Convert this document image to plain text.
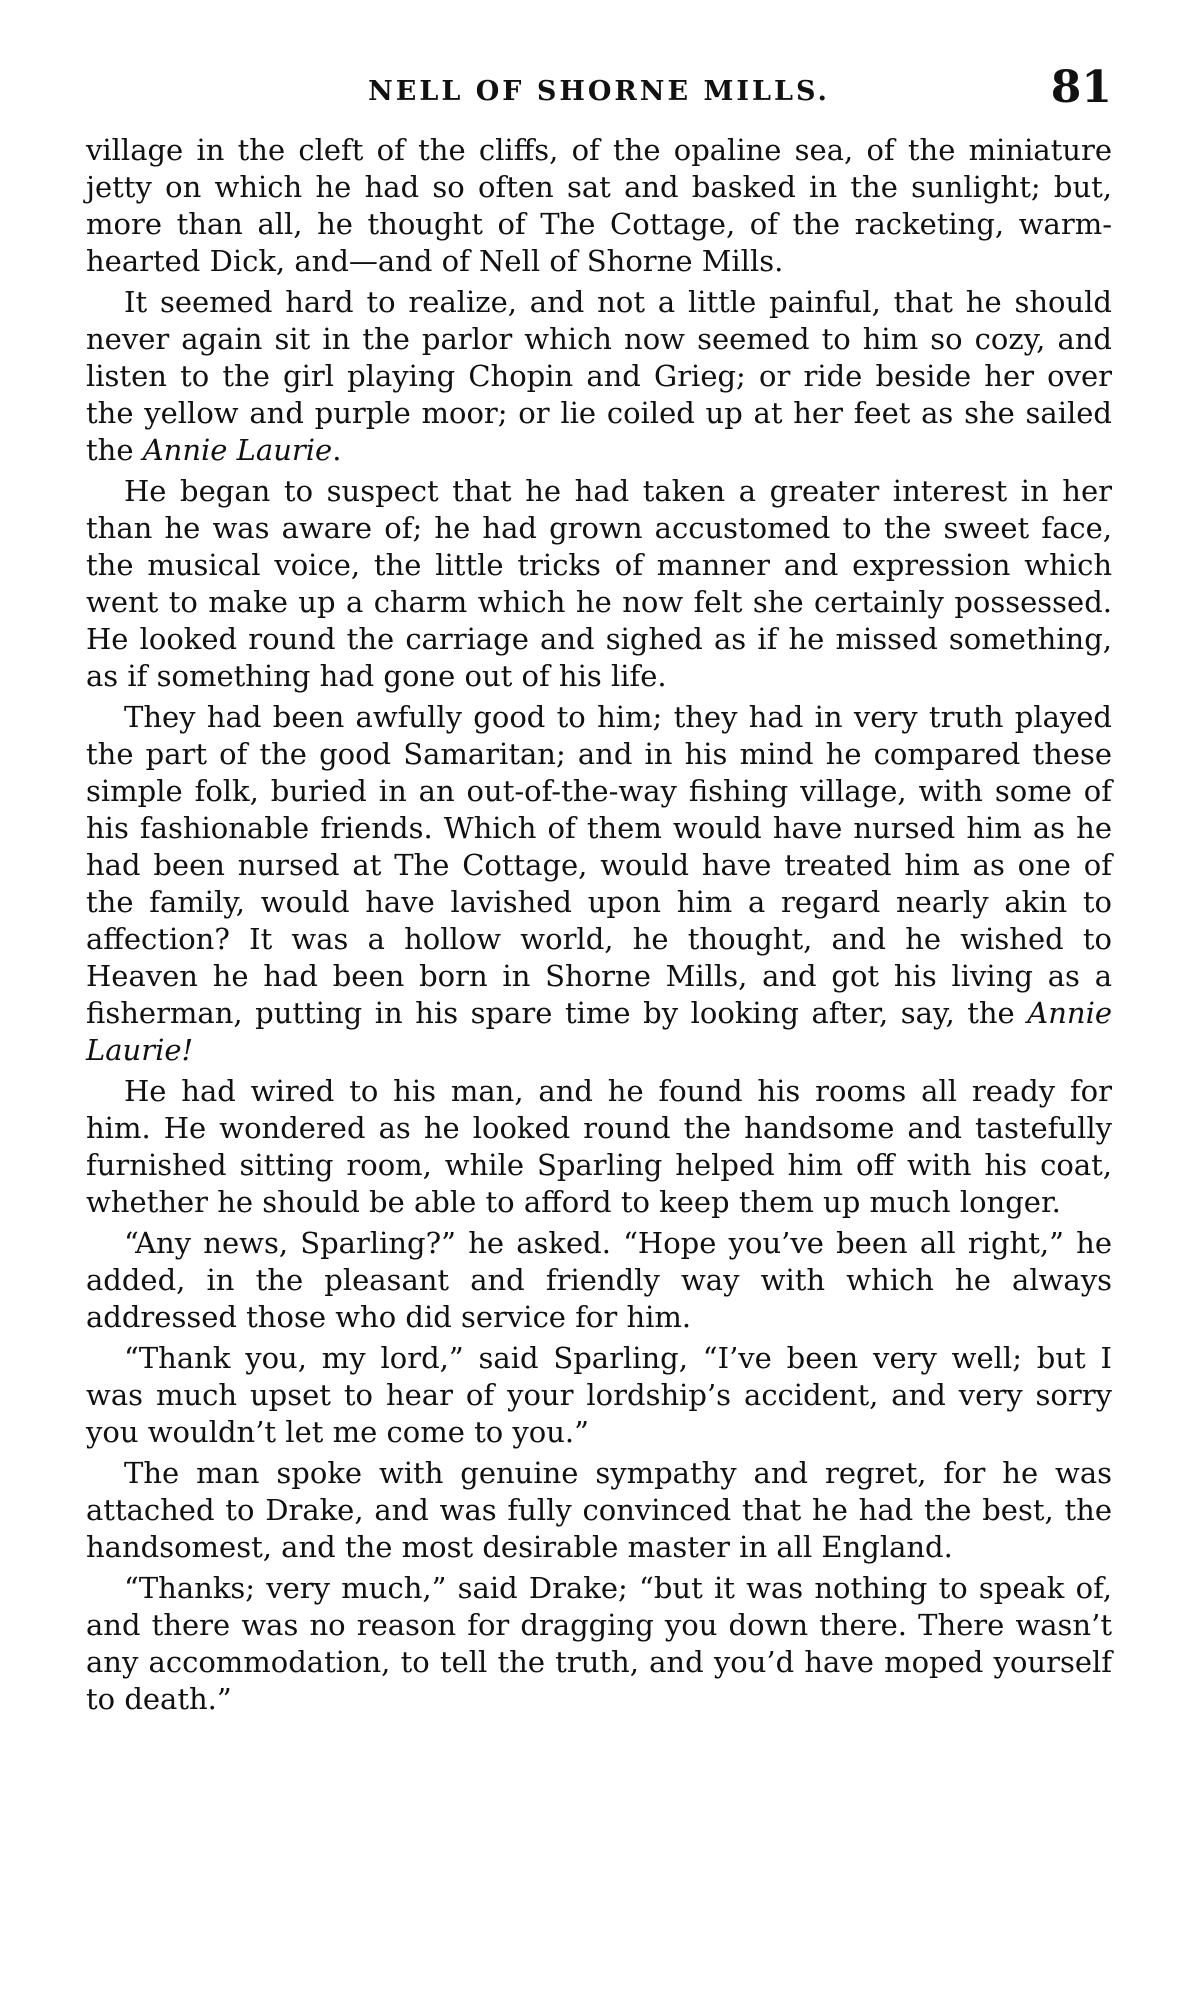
NELL OF SHORNE MILLS.	81

village in the cleft of the cliffs, of the opaline sea, of the miniature jetty on which he had so often sat and basked in the sunlight; but, more than all, he thought of The Cottage, of the racketing, warm-hearted Dick, and—and of Nell of Shorne Mills.

It seemed hard to realize, and not a little painful, that he should never again sit in the parlor which now seemed to him so cozy, and listen to the girl playing Chopin and Grieg; or ride beside her over the yellow and purple moor; or lie coiled up at her feet as she sailed the Annie Laurie.

He began to suspect that he had taken a greater interest in her than he was aware of; he had grown accustomed to the sweet face, the musical voice, the little tricks of manner and expression which went to make up a charm which he now felt she certainly possessed. He looked round the carriage and sighed as if he missed something, as if something had gone out of his life.

They had been awfully good to him; they had in very truth played the part of the good Samaritan; and in his mind he compared these simple folk, buried in an out-of-the-way fishing village, with some of his fashionable friends. Which of them would have nursed him as he had been nursed at The Cottage, would have treated him as one of the family, would have lavished upon him a regard nearly akin to affection? It was a hollow world, he thought, and he wished to Heaven he had been born in Shorne Mills, and got his living as a fisherman, putting in his spare time by looking after, say, the Annie Laurie!

He had wired to his man, and he found his rooms all ready for him. He wondered as he looked round the handsome and tastefully furnished sitting room, while Sparling helped him off with his coat, whether he should be able to afford to keep them up much longer.

“Any news, Sparling?” he asked. “Hope you’ve been all right,” he added, in the pleasant and friendly way with which he always addressed those who did service for him.

“Thank you, my lord,” said Sparling, “I’ve been very well; but I was much upset to hear of your lordship’s accident, and very sorry you wouldn’t let me come to you.”

The man spoke with genuine sympathy and regret, for he was attached to Drake, and was fully convinced that he had the best, the handsomest, and the most desirable master in all England.

“Thanks; very much,” said Drake; “but it was nothing to speak of, and there was no reason for dragging you down there. There wasn’t any accommodation, to tell the truth, and you’d have moped yourself to death.”
